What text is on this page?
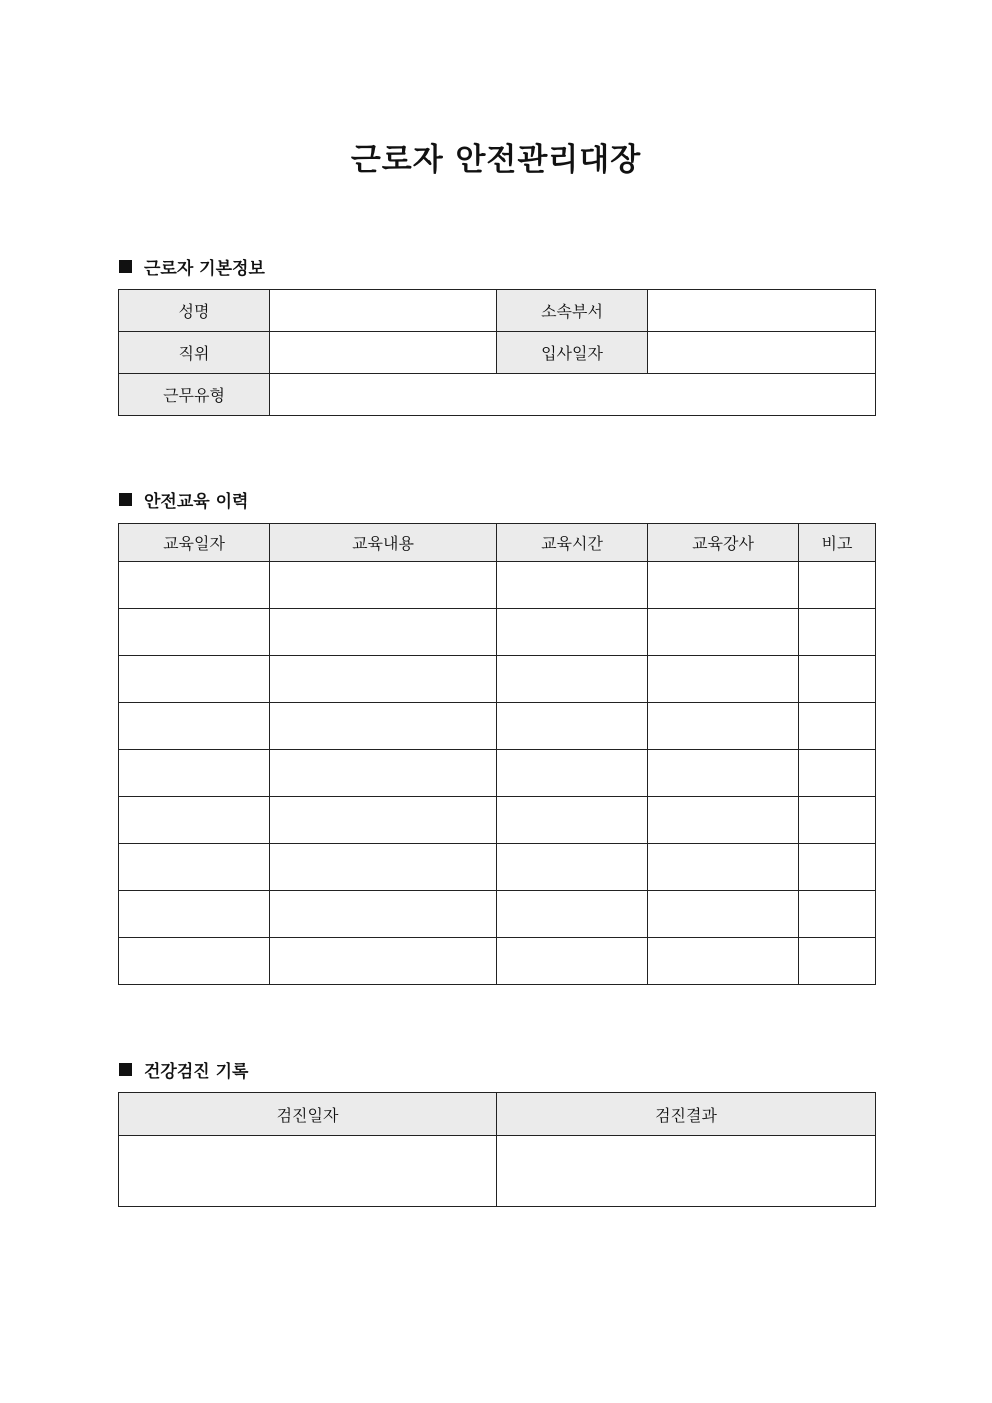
근로자 안전관리대장
근로자 기본정보
성명		소속부서	
직위		입사일자	
근무유형			
안전교육 이력
교육일자	교육내용	교육시간	교육강사	비고

건강검진 기록
검진일자	검진결과
